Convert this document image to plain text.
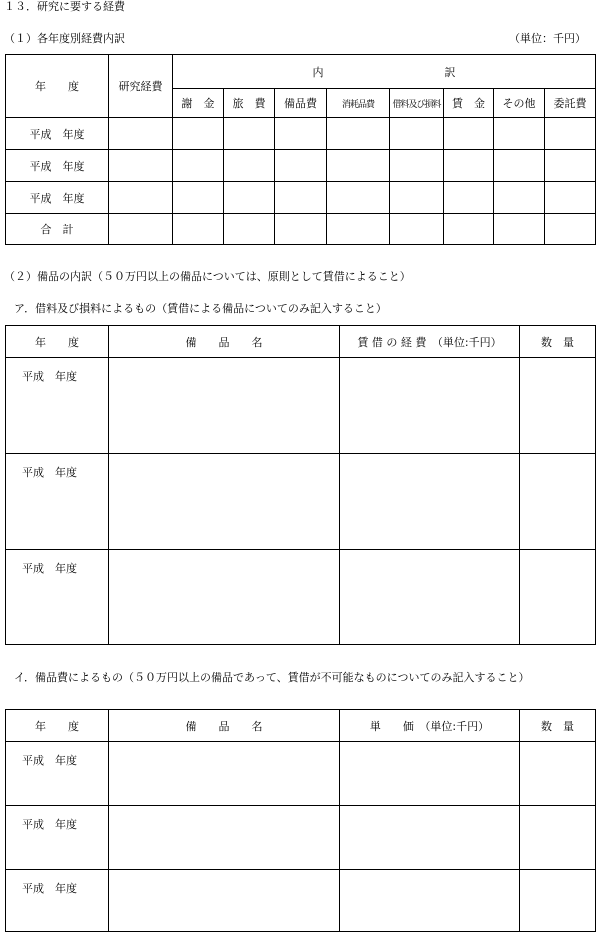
１３．研究に要する経費
（１）各年度別経費内訳	（単位：千円）
年　　度	研究経費	内　　　　　　　　　　　訳							
		謝　金	旅　費	備品費	消耗品費	借料及び損料	賃　金	その他	委託費
平成　年度									
平成　年度									
平成　年度									
合　計									
（２）備品の内訳（５０万円以上の備品については、原則として賃借によること）
ア．借料及び損料によるもの（賃借による備品についてのみ記入すること）
年　　度	備　　品　　名	賃 借 の 経 費　（単位:千円）	数　量
平成　年度			
平成　年度			
平成　年度			
イ．備品費によるもの（５０万円以上の備品であって、賃借が不可能なものについてのみ記入すること）
年　　度	備　　品　　名	単　　価　（単位:千円）	数　量
平成　年度			
平成　年度			
平成　年度			
